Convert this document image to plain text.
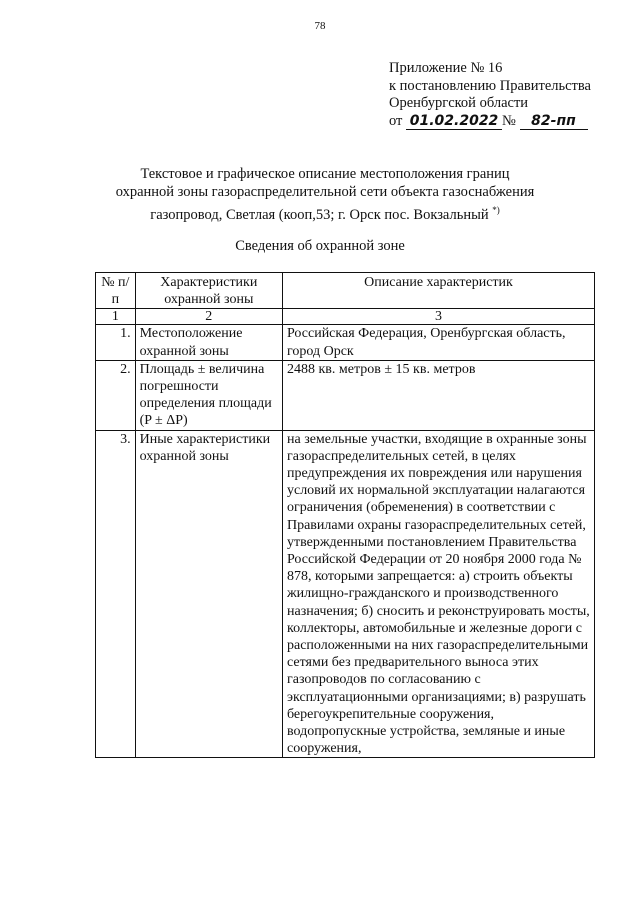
78
Приложение № 16
к постановлению Правительства
Оренбургской области
от 01.02.2022 № 82-пп
Текстовое и графическое описание местоположения границ
охранной зоны газораспределительной сети объекта газоснабжения
газопровод, Светлая (кооп,53; г. Орск пос. Вокзальный *)
Сведения об охранной зоне
№ п/п	Характеристики охранной зоны	Описание характеристик
1	2	3
1.	Местоположение охранной зоны	Российская Федерация, Оренбургская область, город Орск
2.	Площадь ± величина погрешности определения площади (P ± ΔP)	2488 кв. метров ± 15 кв. метров
3.	Иные характеристики охранной зоны	на земельные участки, входящие в охранные зоны газораспределительных сетей, в целях предупреждения их повреждения или нарушения условий их нормальной эксплуатации налагаются ограничения (обременения) в соответствии с Правилами охраны газораспределительных сетей, утвержденными постановлением Правительства Российской Федерации от 20 ноября 2000 года № 878, которыми запрещается: а) строить объекты жилищно-гражданского и производственного назначения; б) сносить и реконструировать мосты, коллекторы, автомобильные и железные дороги с расположенными на них газораспределительными сетями без предварительного выноса этих газопроводов по согласованию с эксплуатационными организациями; в) разрушать берегоукрепительные сооружения, водопропускные устройства, земляные и иные сооружения,
